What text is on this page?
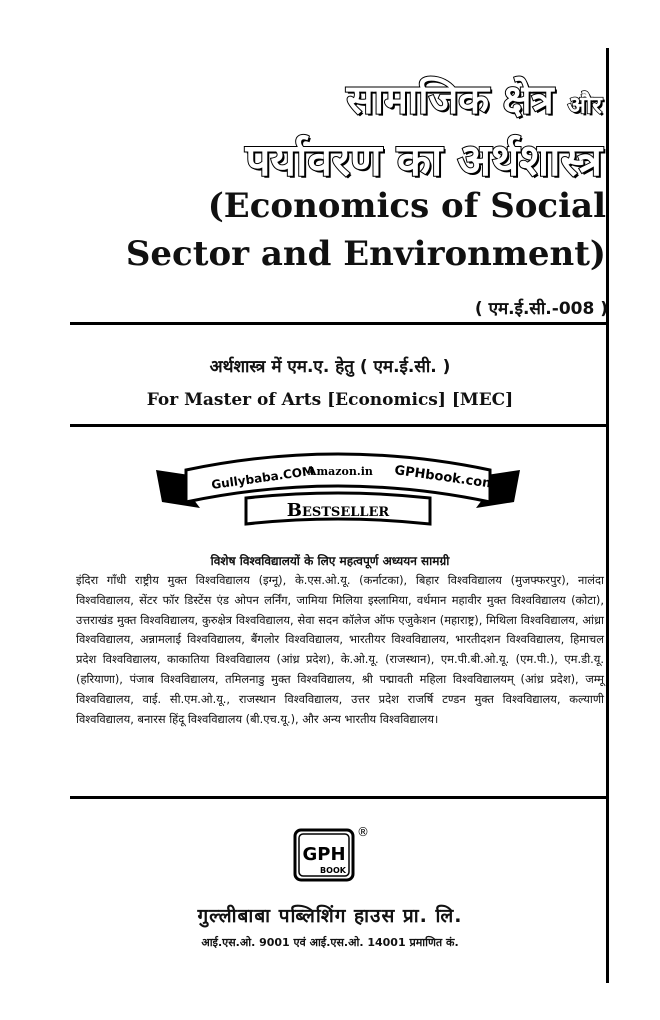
सामाजिक क्षेत्र और
पर्यावरण का अर्थशास्त्र
(Economics of Social
Sector and Environment)
( एम.ई.सी.-008 )
अर्थशास्त्र में एम.ए. हेतु ( एम.ई.सी. )
For Master of Arts [Economics] [MEC]
Gullybaba.COM
Amazon.in GPHbook.com
Bestseller
विशेष विश्वविद्यालयों के लिए महत्वपूर्ण अध्ययन सामग्री
इंदिरा गाँधी राष्ट्रीय मुक्त विश्वविद्यालय (इग्नू), के.एस.ओ.यू. (कर्नाटका), बिहार विश्वविद्यालय (मुजफ्फरपुर), नालंदा विश्वविद्यालय, सेंटर फॉर डिस्टेंस एंड ओपन लर्निंग, जामिया मिलिया इस्लामिया, वर्धमान महावीर मुक्त विश्वविद्यालय (कोटा), उत्तराखंड मुक्त विश्वविद्यालय, कुरुक्षेत्र विश्वविद्यालय, सेवा सदन कॉलेज ऑफ एजुकेशन (महाराष्ट्र), मिथिला विश्वविद्यालय, आंध्रा विश्वविद्यालय, अन्नामलाई विश्वविद्यालय, बैंगलोर विश्वविद्यालय, भारतीयर विश्वविद्यालय, भारतीदशन विश्वविद्यालय, हिमाचल प्रदेश विश्वविद्यालय, काकातिया विश्वविद्यालय (आंध्र प्रदेश), के.ओ.यू. (राजस्थान), एम.पी.बी.ओ.यू. (एम.पी.), एम.डी.यू. (हरियाणा), पंजाब विश्वविद्यालय, तमिलनाडु मुक्त विश्वविद्यालय, श्री पद्मावती महिला विश्वविद्यालयम् (आंध्र प्रदेश), जम्मू विश्वविद्यालय, वाई. सी.एम.ओ.यू., राजस्थान विश्वविद्यालय, उत्तर प्रदेश राजर्षि टण्डन मुक्त विश्वविद्यालय, कल्याणी विश्वविद्यालय, बनारस हिंदू विश्वविद्यालय (बी.एच.यू.), और अन्य भारतीय विश्वविद्यालय।
GPH
BOOK
®
गुल्लीबाबा पब्लिशिंग हाउस प्रा. लि.
आई.एस.ओ. 9001 एवं आई.एस.ओ. 14001 प्रमाणित कं.
